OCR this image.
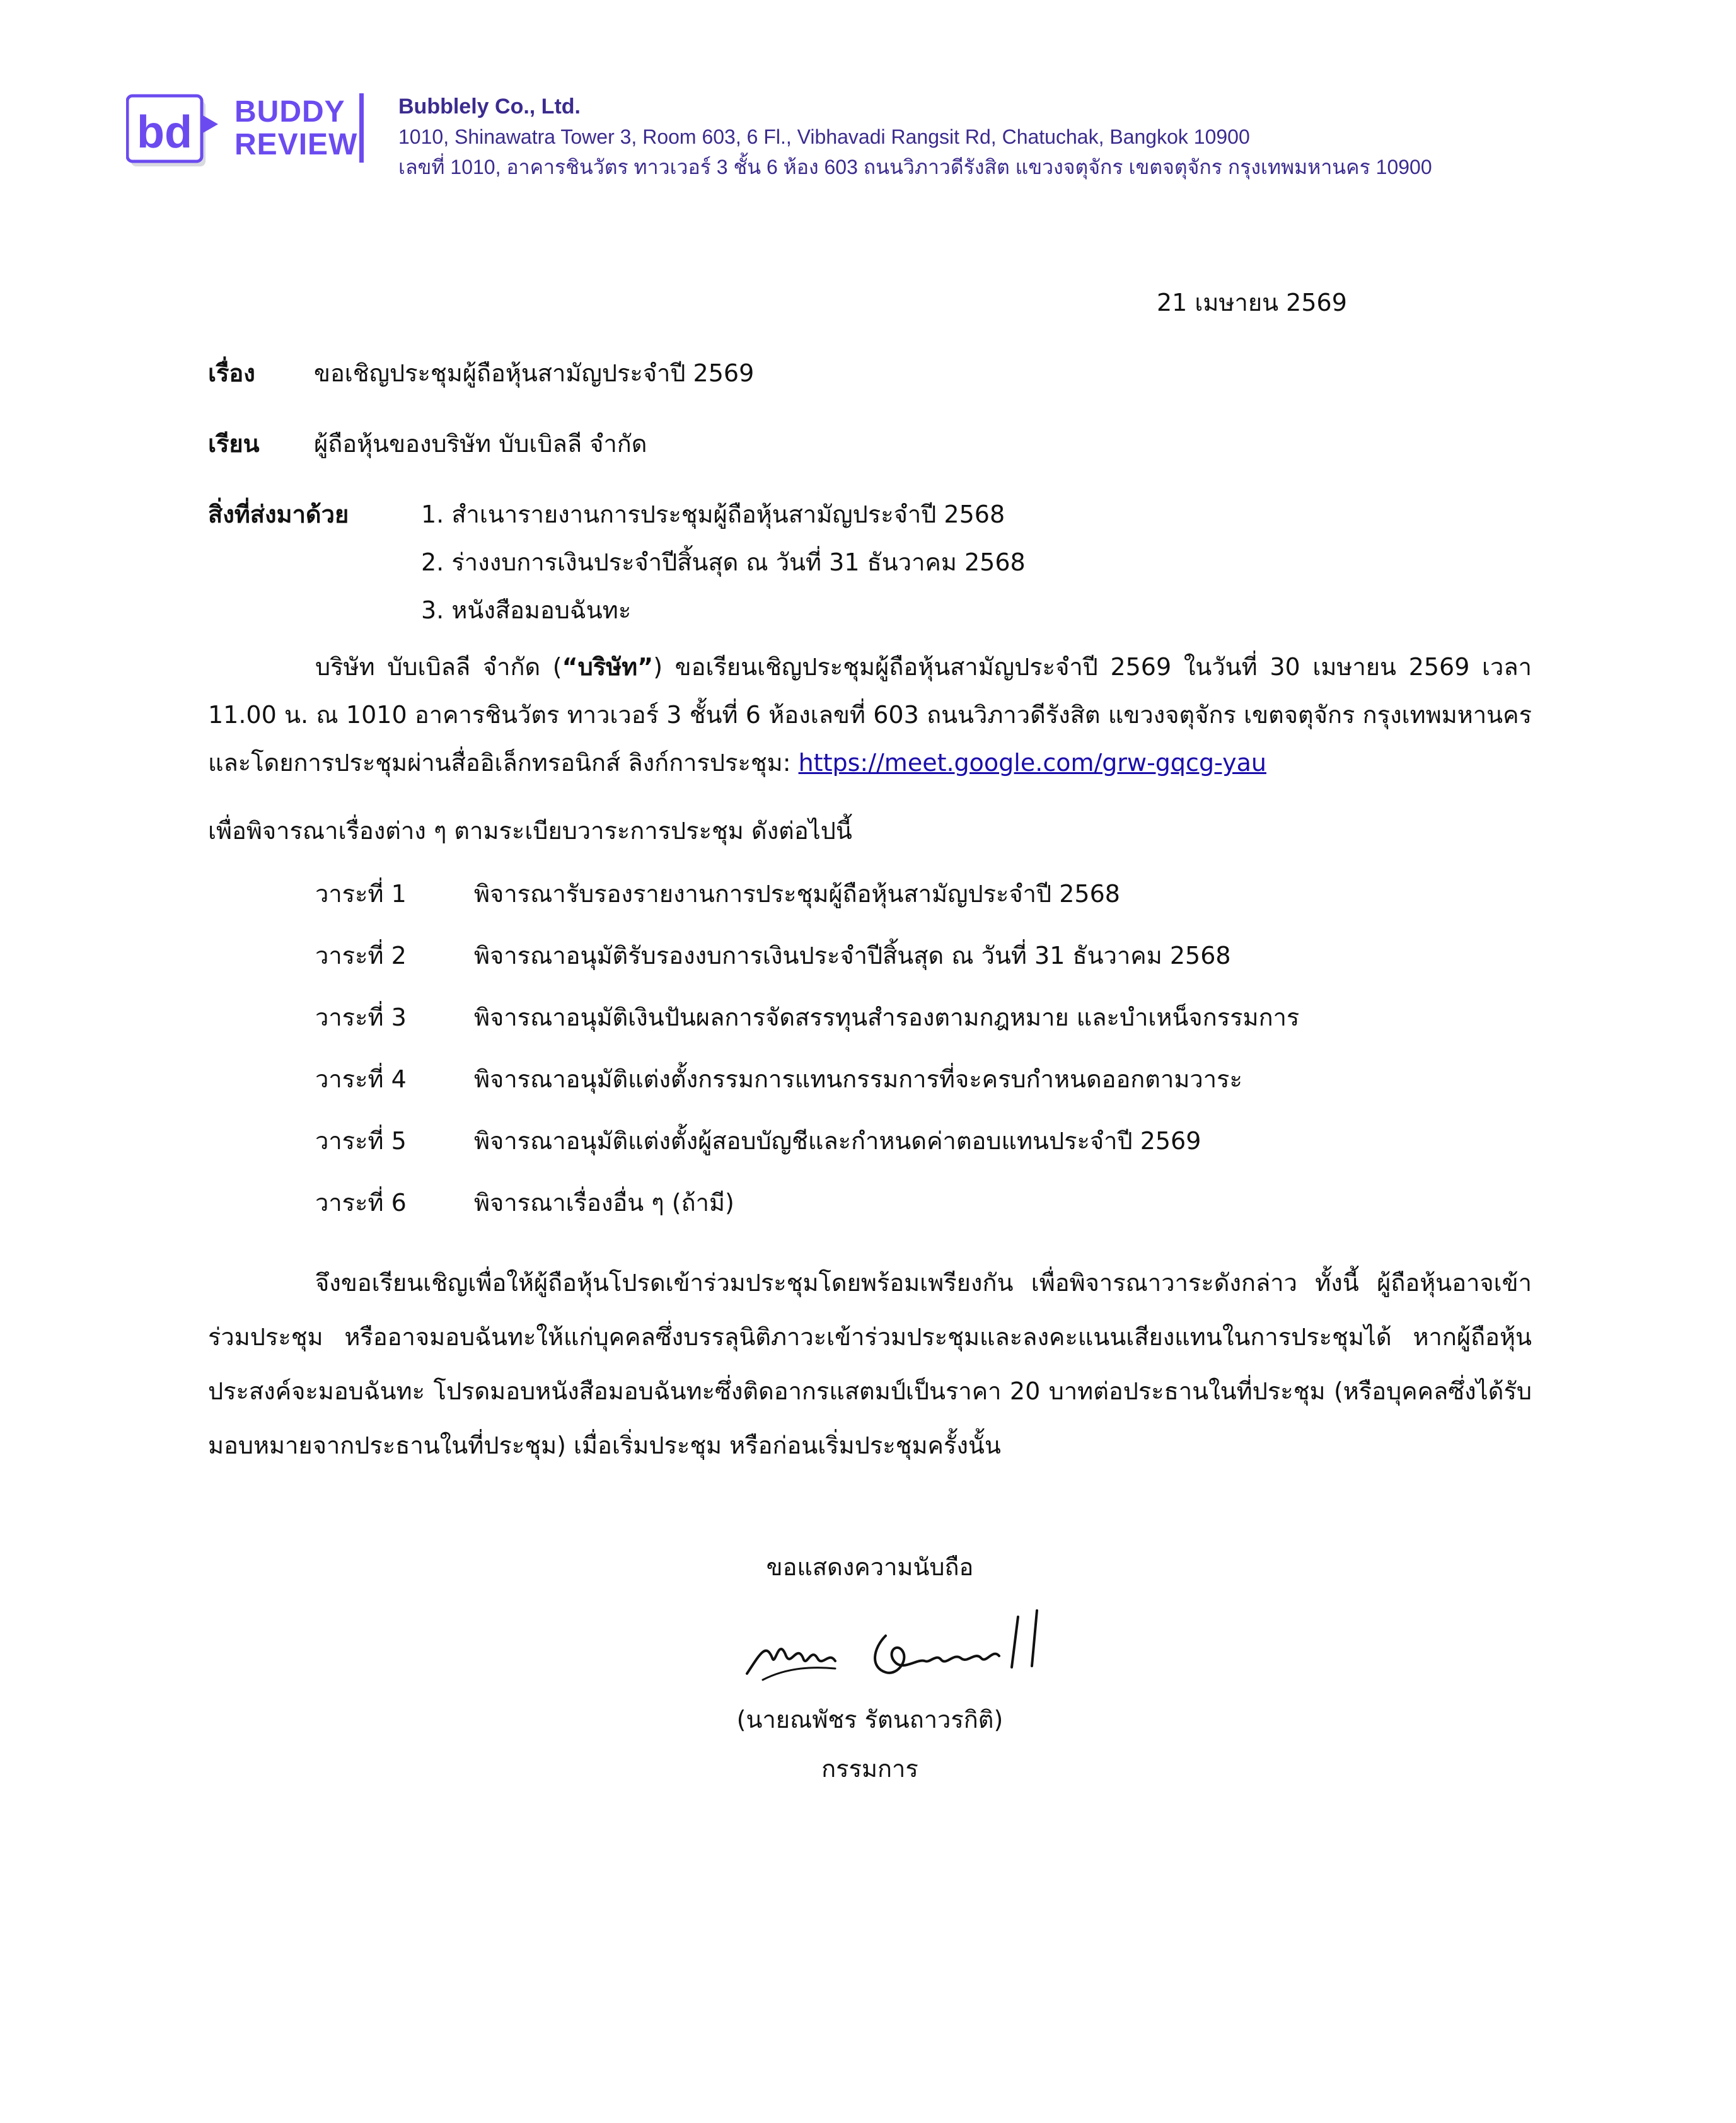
bd BUDDY
REVIEW
Bubblely Co., Ltd.
1010, Shinawatra Tower 3, Room 603, 6 Fl., Vibhavadi Rangsit Rd, Chatuchak, Bangkok 10900
เลขที่ 1010, อาคารชินวัตร ทาวเวอร์ 3 ชั้น 6 ห้อง 603 ถนนวิภาวดีรังสิต แขวงจตุจักร เขตจตุจักร กรุงเทพมหานคร 10900
21 เมษายน 2569
เรื่อง ขอเชิญประชุมผู้ถือหุ้นสามัญประจำปี 2569
เรียน ผู้ถือหุ้นของบริษัท บับเบิลลี จำกัด
สิ่งที่ส่งมาด้วย	1. สำเนารายงานการประชุมผู้ถือหุ้นสามัญประจำปี 2568
2. ร่างงบการเงินประจำปีสิ้นสุด ณ วันที่ 31 ธันวาคม 2568
3. หนังสือมอบฉันทะ
บริษัท บับเบิลลี จำกัด (“บริษัท”) ขอเรียนเชิญประชุมผู้ถือหุ้นสามัญประจำปี 2569 ในวันที่ 30 เมษายน 2569 เวลา 11.00 น. ณ 1010 อาคารชินวัตร ทาวเวอร์ 3 ชั้นที่ 6 ห้องเลขที่ 603 ถนนวิภาวดีรังสิต แขวงจตุจักร เขตจตุจักร กรุงเทพมหานคร และโดยการประชุมผ่านสื่ออิเล็กทรอนิกส์ ลิงก์การประชุม: https://meet.google.com/grw-gqcg-yau
เพื่อพิจารณาเรื่องต่าง ๆ ตามระเบียบวาระการประชุม ดังต่อไปนี้
วาระที่ 1	พิจารณารับรองรายงานการประชุมผู้ถือหุ้นสามัญประจำปี 2568
วาระที่ 2	พิจารณาอนุมัติรับรองงบการเงินประจำปีสิ้นสุด ณ วันที่ 31 ธันวาคม 2568
วาระที่ 3	พิจารณาอนุมัติเงินปันผลการจัดสรรทุนสำรองตามกฎหมาย และบำเหน็จกรรมการ
วาระที่ 4	พิจารณาอนุมัติแต่งตั้งกรรมการแทนกรรมการที่จะครบกำหนดออกตามวาระ
วาระที่ 5	พิจารณาอนุมัติแต่งตั้งผู้สอบบัญชีและกำหนดค่าตอบแทนประจำปี 2569
วาระที่ 6	พิจารณาเรื่องอื่น ๆ (ถ้ามี)
จึงขอเรียนเชิญเพื่อให้ผู้ถือหุ้นโปรดเข้าร่วมประชุมโดยพร้อมเพรียงกัน เพื่อพิจารณาวาระดังกล่าว ทั้งนี้ ผู้ถือหุ้นอาจเข้าร่วมประชุม หรืออาจมอบฉันทะให้แก่บุคคลซึ่งบรรลุนิติภาวะเข้าร่วมประชุมและลงคะแนนเสียงแทนในการประชุมได้ หากผู้ถือหุ้นประสงค์จะมอบฉันทะ โปรดมอบหนังสือมอบฉันทะซึ่งติดอากรแสตมป์เป็นราคา 20 บาทต่อประธานในที่ประชุม (หรือบุคคลซึ่งได้รับมอบหมายจากประธานในที่ประชุม) เมื่อเริ่มประชุม หรือก่อนเริ่มประชุมครั้งนั้น
ขอแสดงความนับถือ
(นายณพัชร รัตนถาวรกิติ)
กรรมการ
